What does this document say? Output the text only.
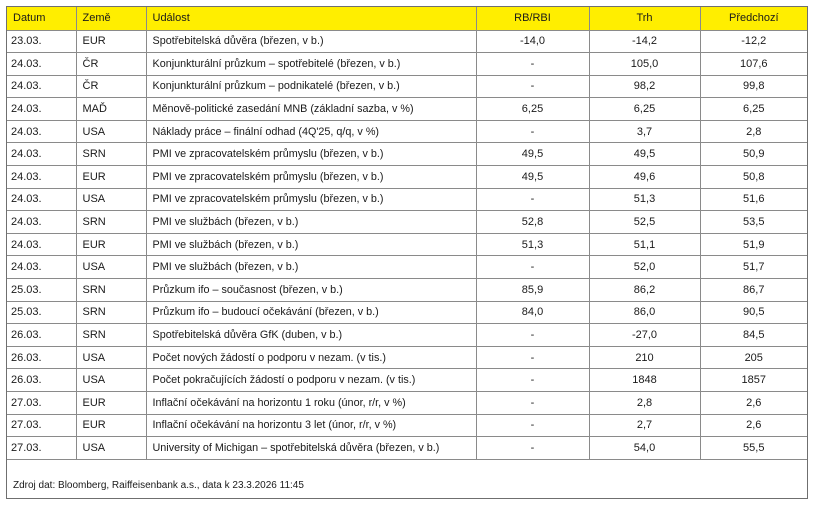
Datum	Země	Událost	RB/RBI	Trh	Předchozí
23.03.	EUR	Spotřebitelská důvěra (březen, v b.)	-14,0	-14,2	-12,2
24.03.	ČR	Konjunkturální průzkum – spotřebitelé (březen, v b.)	-	105,0	107,6
24.03.	ČR	Konjunkturální průzkum – podnikatelé (březen, v b.)	-	98,2	99,8
24.03.	MAĎ	Měnově-politické zasedání MNB (základní sazba, v %)	6,25	6,25	6,25
24.03.	USA	Náklady práce – finální odhad (4Q'25, q/q, v %)	-	3,7	2,8
24.03.	SRN	PMI ve zpracovatelském průmyslu (březen, v b.)	49,5	49,5	50,9
24.03.	EUR	PMI ve zpracovatelském průmyslu (březen, v b.)	49,5	49,6	50,8
24.03.	USA	PMI ve zpracovatelském průmyslu (březen, v b.)	-	51,3	51,6
24.03.	SRN	PMI ve službách (březen, v b.)	52,8	52,5	53,5
24.03.	EUR	PMI ve službách (březen, v b.)	51,3	51,1	51,9
24.03.	USA	PMI ve službách (březen, v b.)	-	52,0	51,7
25.03.	SRN	Průzkum ifo – současnost (březen, v b.)	85,9	86,2	86,7
25.03.	SRN	Průzkum ifo – budoucí očekávání (březen, v b.)	84,0	86,0	90,5
26.03.	SRN	Spotřebitelská důvěra GfK (duben, v b.)	-	-27,0	84,5
26.03.	USA	Počet nových žádostí o podporu v nezam. (v tis.)	-	210	205
26.03.	USA	Počet pokračujících žádostí o podporu v nezam. (v tis.)	-	1848	1857
27.03.	EUR	Inflační očekávání na horizontu 1 roku (únor, r/r, v %)	-	2,8	2,6
27.03.	EUR	Inflační očekávání na horizontu 3 let (únor, r/r, v %)	-	2,7	2,6
27.03.	USA	University of Michigan – spotřebitelská důvěra (březen, v b.)	-	54,0	55,5
Zdroj dat: Bloomberg, Raiffeisenbank a.s., data k 23.3.2026 11:45
